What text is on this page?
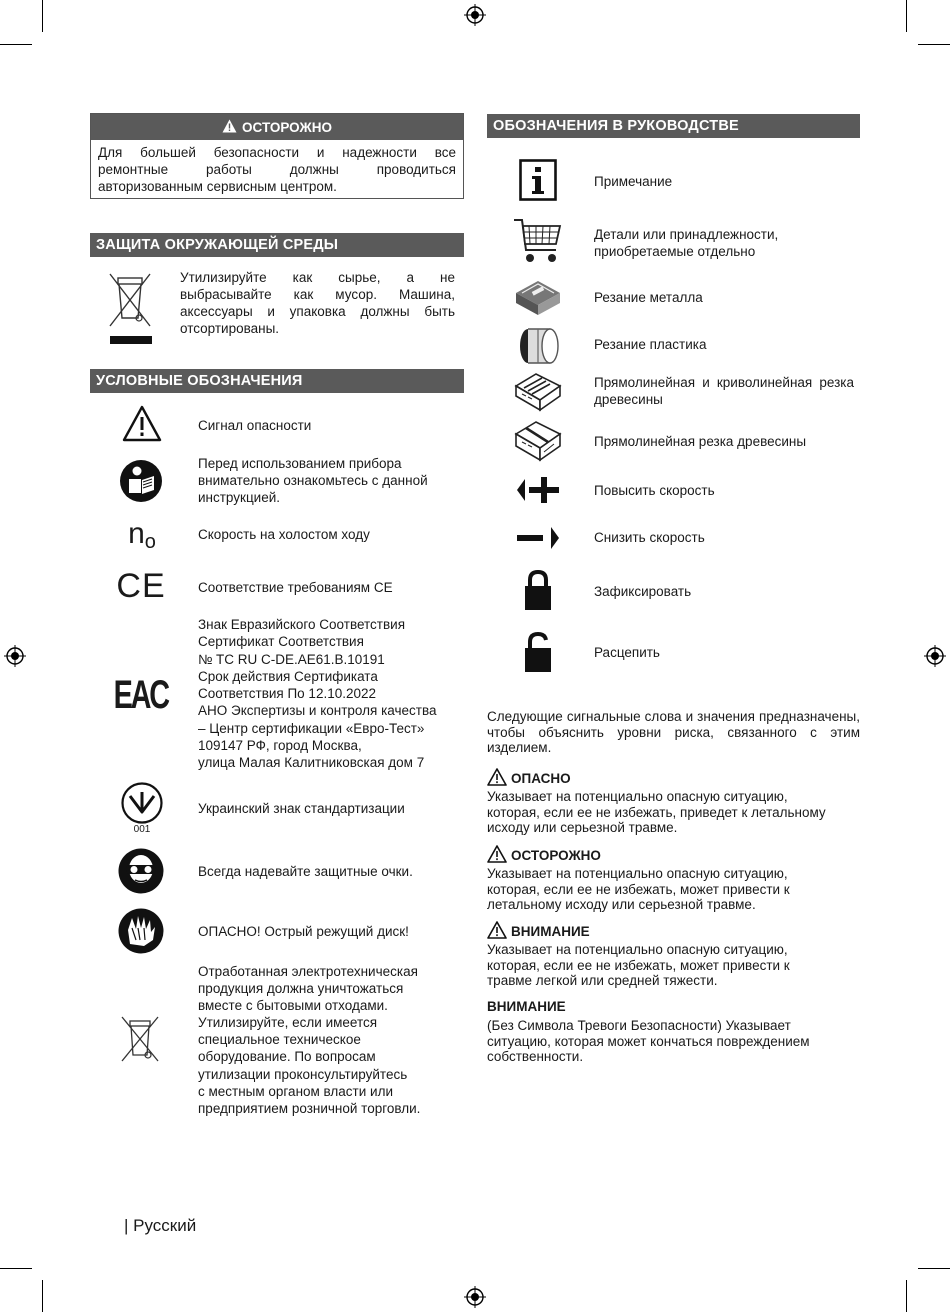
ОСТОРОЖНО
Для большей безопасности и надежности все ремонтные работы должны проводиться авторизованным сервисным центром.
ЗАЩИТА ОКРУЖАЮЩЕЙ СРЕДЫ
Утилизируйте как сырье, а не выбрасывайте как мусор. Машина, аксессуары и упаковка должны быть отсортированы.
УСЛОВНЫЕ ОБОЗНАЧЕНИЯ
Сигнал опасности
Перед использованием прибора внимательно ознакомьтесь с данной инструкцией.
n o	Скорость на холостом ходу
CE Соответствие требованиям CE
EAC
Знак Евразийского Соответствия
Сертификат Соответствия
№ TC RU C-DE.AE61.B.10191
Срок действия Сертификата
Соответствия По 12.10.2022
АНО Экспертизы и контроля качества
– Центр сертификации «Евро-Тест»
109147 РФ, город Москва,
улица Малая Калитниковская дом 7
001
Украинский знак стандартизации
Всегда надевайте защитные очки.
ОПАСНО! Острый режущий диск!
Отработанная электротехническая
продукция должна уничтожаться
вместе с бытовыми отходами.
Утилизируйте, если имеется
специальное техническое
оборудование. По вопросам
утилизации проконсультируйтесь
с местным органом власти или
предприятием розничной торговли.
ОБОЗНАЧЕНИЯ В РУКОВОДСТВЕ
Примечание
Детали или принадлежности, приобретаемые отдельно
Резание металла
Резание пластика
Прямолинейная и криволинейная резка древесины
Прямолинейная резка древесины
Повысить скорость
Снизить скорость
Зафиксировать
Расцепить
Следующие сигнальные слова и значения предназначены, чтобы объяснить уровни риска, связанного с этим изделием.
ОПАСНО
Указывает на потенциально опасную ситуацию,
которая, если ее не избежать, приведет к летальному
исходу или серьезной травме.
ОСТОРОЖНО
Указывает на потенциально опасную ситуацию,
которая, если ее не избежать, может привести к
летальному исходу или серьезной травме.
ВНИМАНИЕ
Указывает на потенциально опасную ситуацию,
которая, если ее не избежать, может привести к
травме легкой или средней тяжести.
ВНИМАНИЕ
(Без Символа Тревоги Безопасности) Указывает
ситуацию, которая может кончаться повреждением
собственности.
| Русский
